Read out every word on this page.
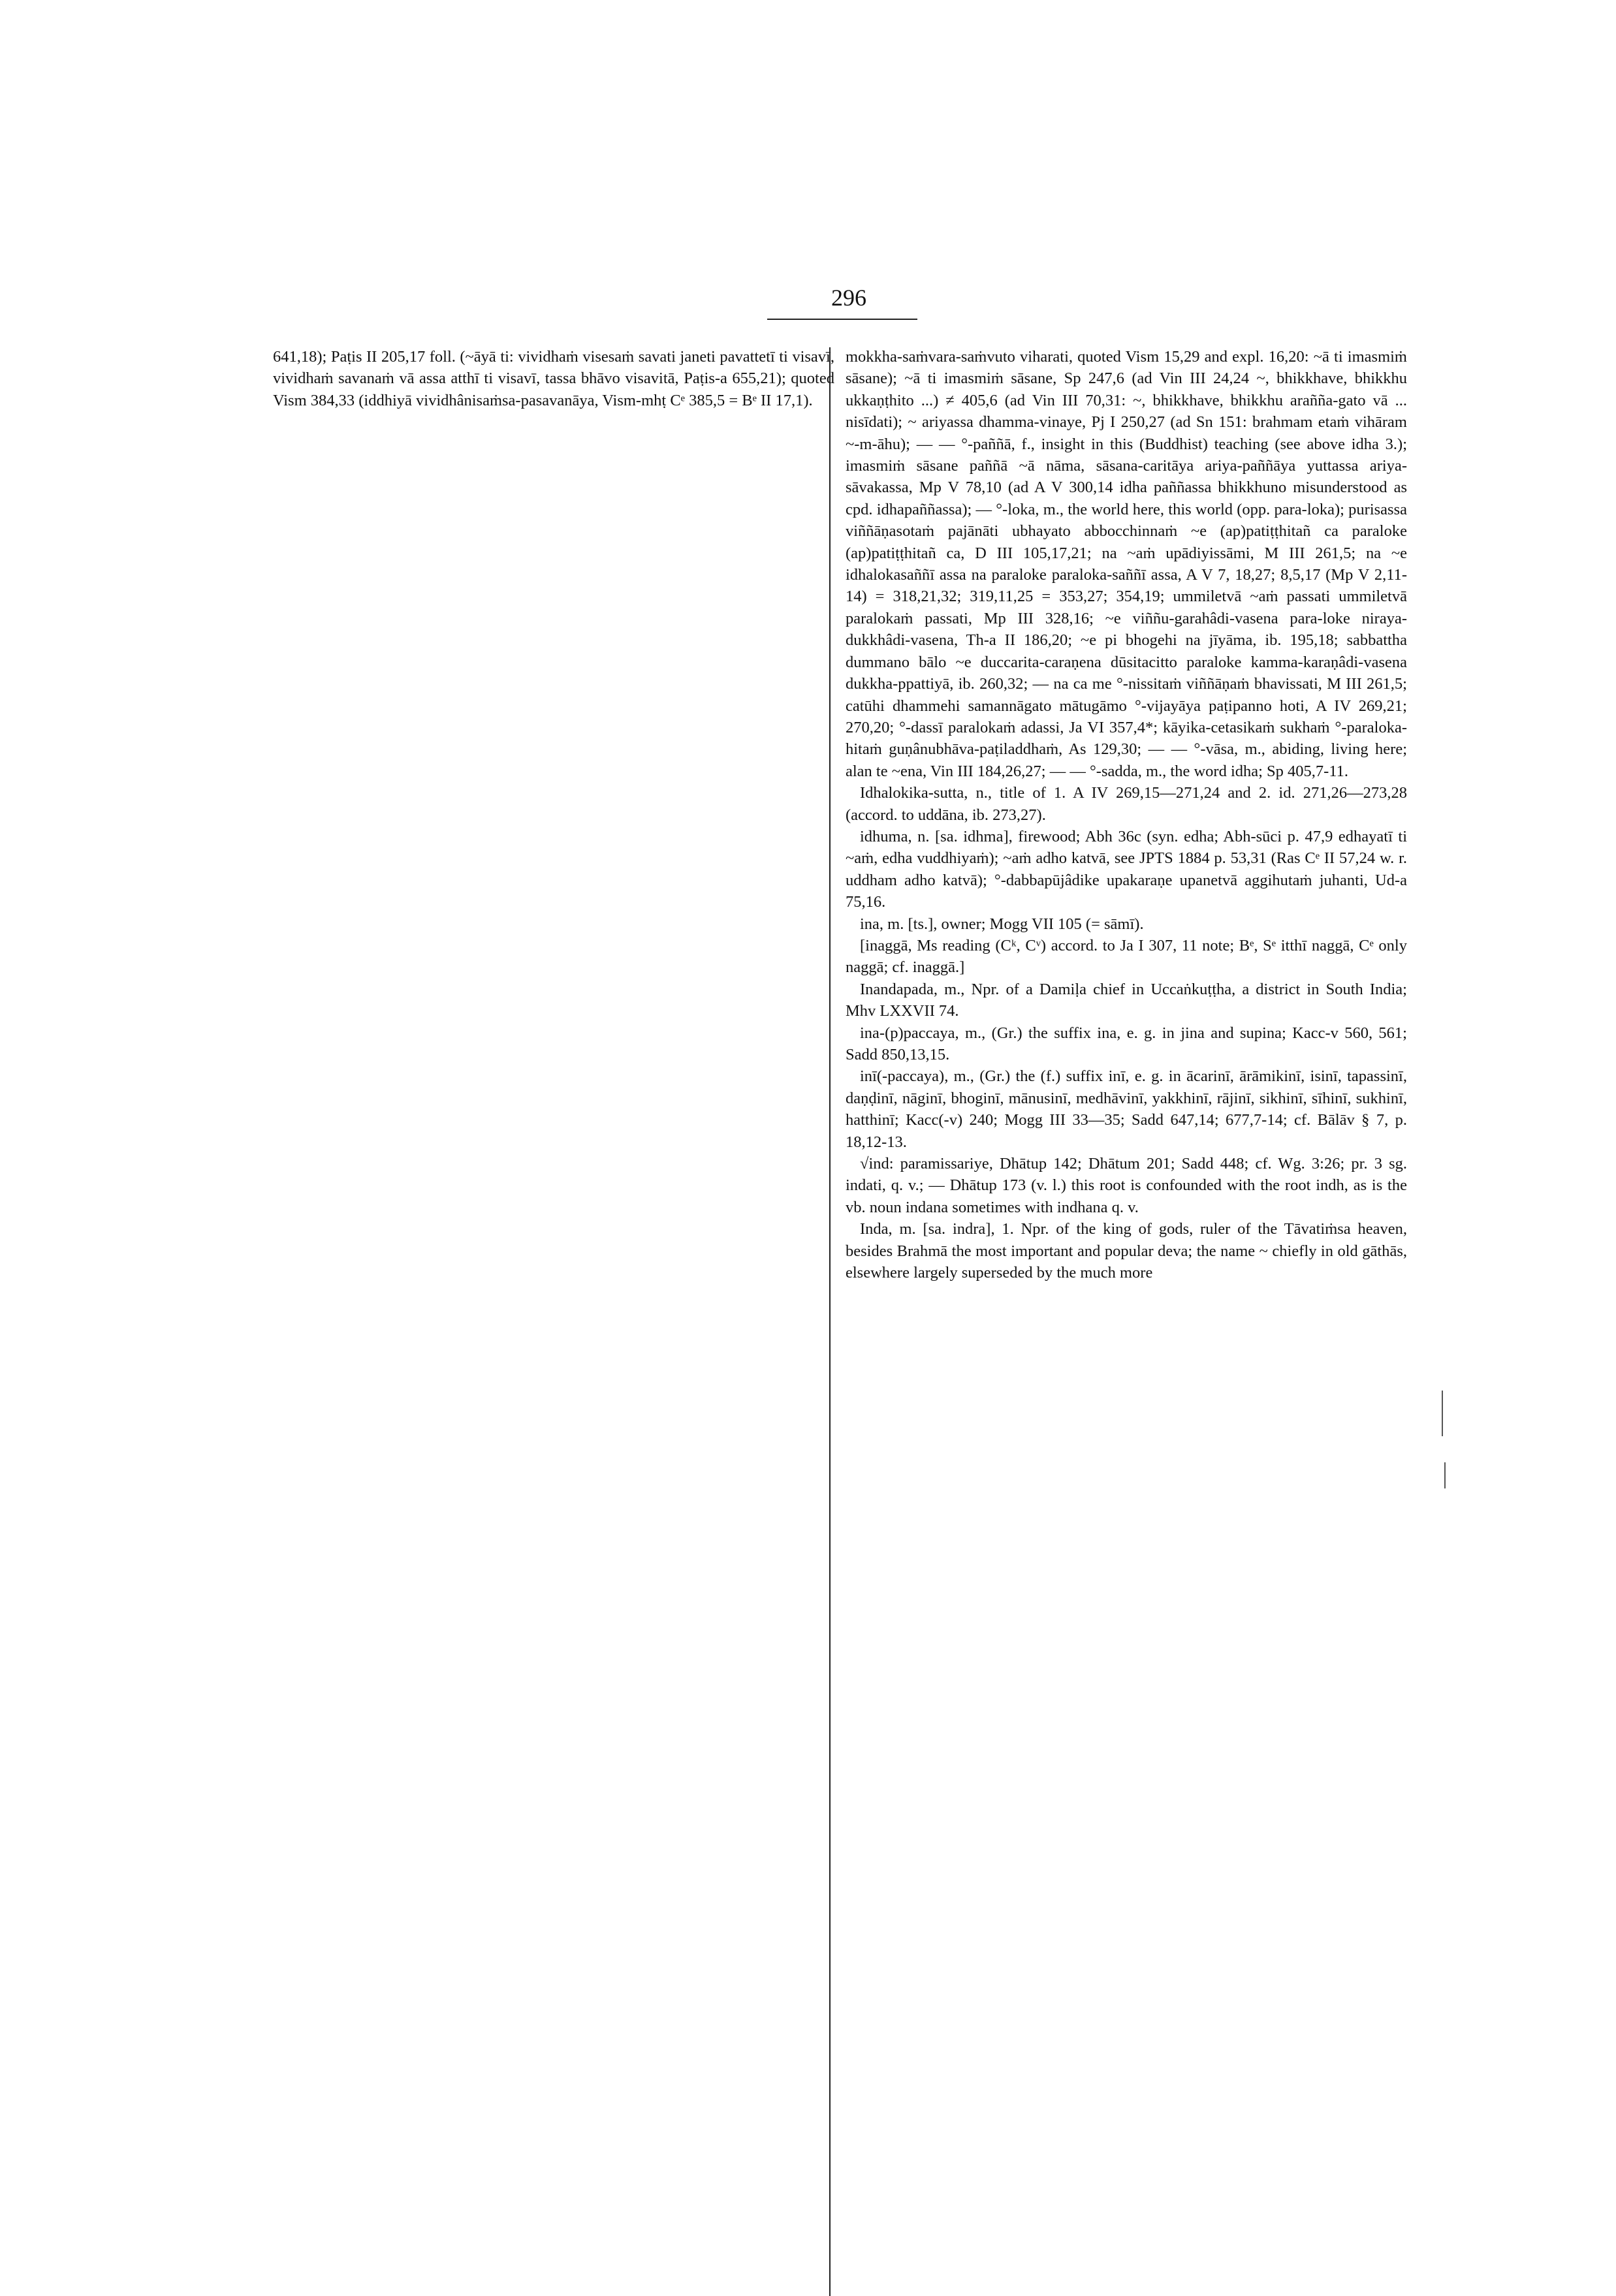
296

641,18); Paṭis II 205,17 foll. (~āyā ti: vividhaṁ visesaṁ savati janeti pavattetī ti visavī, vividhaṁ savanaṁ vā assa atthī ti visavī, tassa bhāvo visavitā, Paṭis-a 655,21); quoted Vism 384,33 (iddhiyā vividhânisaṁsa-pasavanāya, Vism-mhṭ Cᵉ 385,5 = Bᵉ II 17,1).

mokkha-saṁvara-saṁvuto viharati, quoted Vism 15,29 and expl. 16,20: ~ā ti imasmiṁ sāsane); ~ā ti imasmiṁ sāsane, Sp 247,6 (ad Vin III 24,24 ~, bhikkhave, bhikkhu ukkaṇṭhito ...) ≠ 405,6 (ad Vin III 70,31: ~, bhikkhave, bhikkhu arañña-gato vā ... nisīdati); ~ ariyassa dhamma-vinaye, Pj I 250,27 (ad Sn 151: brahmam etaṁ vihāram ~-m-āhu); — — °-paññā, f., insight in this (Buddhist) teaching (see above idha 3.); imasmiṁ sāsane paññā ~ā nāma, sāsana-caritāya ariya-paññāya yuttassa ariya-sāvakassa, Mp V 78,10 (ad A V 300,14 idha paññassa bhikkhuno misunderstood as cpd. idhapaññassa); — °-loka, m., the world here, this world (opp. para-loka); purisassa viññāṇasotaṁ pajānāti ubhayato abbocchinnaṁ ~e (ap)patiṭṭhitañ ca paraloke (ap)patiṭṭhitañ ca, D III 105,17,21; na ~aṁ upādiyissāmi, M III 261,5; na ~e idhalokasaññī assa na paraloke paraloka-saññī assa, A V 7, 18,27; 8,5,17 (Mp V 2,11-14) = 318,21,32; 319,11,25 = 353,27; 354,19; ummiletvā ~aṁ passati ummiletvā paralokaṁ passati, Mp III 328,16; ~e viññu-garahâdi-vasena para-loke niraya-dukkhâdi-vasena, Th-a II 186,20; ~e pi bhogehi na jīyāma, ib. 195,18; sabbattha dummano bālo ~e duccarita-caraṇena dūsitacitto paraloke kamma-karaṇâdi-vasena dukkha-ppattiyā, ib. 260,32; — na ca me °-nissitaṁ viññāṇaṁ bhavissati, M III 261,5; catūhi dhammehi samannāgato mātugāmo °-vijayāya paṭipanno hoti, A IV 269,21; 270,20; °-dassī paralokaṁ adassi, Ja VI 357,4*; kāyika-cetasikaṁ sukhaṁ °-paraloka-hitaṁ guṇânubhāva-paṭiladdhaṁ, As 129,30; — — °-vāsa, m., abiding, living here; alan te ~ena, Vin III 184,26,27; — — °-sadda, m., the word idha; Sp 405,7-11.

Idhalokika-sutta, n., title of 1. A IV 269,15—271,24 and 2. id. 271,26—273,28 (accord. to uddāna, ib. 273,27).

idhuma, n. [sa. idhma], firewood; Abh 36c (syn. edha; Abh-sūci p. 47,9 edhayatī ti ~aṁ, edha vuddhiyaṁ); ~aṁ adho katvā, see JPTS 1884 p. 53,31 (Ras Cᵉ II 57,24 w. r. uddham adho katvā); °-dabbapūjâdike upakaraṇe upanetvā aggihutaṁ juhanti, Ud-a 75,16.

ina, m. [ts.], owner; Mogg VII 105 (= sāmī).

[inaggā, Ms reading (Cᵏ, Cᵛ) accord. to Ja I 307, 11 note; Bᵉ, Sᵉ itthī naggā, Cᵉ only naggā; cf. inaggā.]

Inandapada, m., Npr. of a Damiḷa chief in Uccaṅkuṭṭha, a district in South India; Mhv LXXVII 74.

ina-(p)paccaya, m., (Gr.) the suffix ina, e. g. in jina and supina; Kacc-v 560, 561; Sadd 850,13,15.

inī(-paccaya), m., (Gr.) the (f.) suffix inī, e. g. in ācarinī, ārāmikinī, isinī, tapassinī, daṇḍinī, nāginī, bhoginī, mānusinī, medhāvinī, yakkhinī, rājinī, sikhinī, sīhinī, sukhinī, hatthinī; Kacc(-v) 240; Mogg III 33—35; Sadd 647,14; 677,7-14; cf. Bālāv § 7, p. 18,12-13.

√ind: paramissariye, Dhātup 142; Dhātum 201; Sadd 448; cf. Wg. 3:26; pr. 3 sg. indati, q. v.; — Dhātup 173 (v. l.) this root is confounded with the root indh, as is the vb. noun indana sometimes with indhana q. v.

Inda, m. [sa. indra], 1. Npr. of the king of gods, ruler of the Tāvatiṁsa heaven, besides Brahmā the most important and popular deva; the name ~ chiefly in old gāthās, elsewhere largely superseded by the much more
